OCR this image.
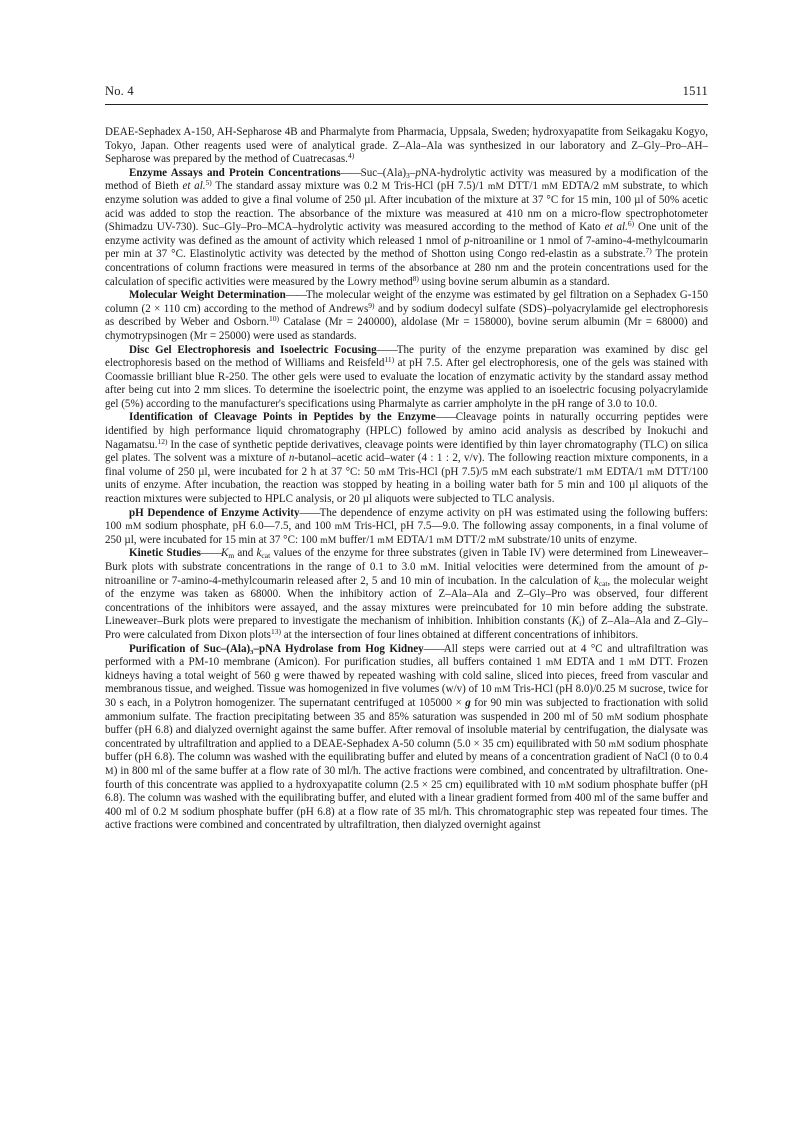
No. 4	1511

DEAE-Sephadex A-150, AH-Sepharose 4B and Pharmalyte from Pharmacia, Uppsala, Sweden; hydroxyapatite from Seikagaku Kogyo, Tokyo, Japan. Other reagents used were of analytical grade. Z–Ala–Ala was synthesized in our laboratory and Z–Gly–Pro–AH–Sepharose was prepared by the method of Cuatrecasas.$^{4)}$

Enzyme Assays and Protein $Concentrations——Suc-(Ala)_3-pNA$-hydrolytic activity was measured by a modification of the method of Bieth et al.$^{5)}$ The standard assay mixture was 0.2 M Tris-HCl (pH 7.5)/1 mM DTT/1 mM EDTA/2 mM substrate, to which enzyme solution was added to give a final volume of 250 µl. After incubation of the mixture at 37 °C for 15 min, 100 µl of 50% acetic acid was added to stop the reaction. The absorbance of the mixture was measured at 410 nm on a micro-flow spectrophotometer (Shimadzu UV-730). Suc–Gly–Pro–MCA–hydrolytic activity was measured according to the method of Kato et al.$^{6)}$ One unit of the enzyme activity was defined as the amount of activity which released 1 nmol of p-nitroaniline or 1 nmol of 7-amino-4-methylcoumarin per min at 37 °C. Elastinolytic activity was detected by the method of Shotton using Congo red-elastin as a substrate.$^{7)}$ The protein concentrations of column fractions were measured in terms of the absorbance at 280 nm and the protein concentrations used for the calculation of specific activities were measured by the Lowry method$^{8)}$ using bovine serum albumin as a standard.

Molecular Weight Determination——The molecular weight of the enzyme was estimated by gel filtration on a Sephadex G-150 column (2 × 110 cm) according to the method of Andrews$^{9)}$ and by sodium dodecyl sulfate (SDS)–polyacrylamide gel electrophoresis as described by Weber and Osborn.$^{10)}$ Catalase (Mr = 240000), aldolase (Mr = 158000), bovine serum albumin (Mr = 68000) and chymotrypsinogen (Mr = 25000) were used as standards.

Disc Gel Electrophoresis and Isoelectric Focusing——The purity of the enzyme preparation was examined by disc gel electrophoresis based on the method of Williams and Reisfeld$^{11)}$ at pH 7.5. After gel electrophoresis, one of the gels was stained with Coomassie brilliant blue R-250. The other gels were used to evaluate the location of enzymatic activity by the standard assay method after being cut into 2 mm slices. To determine the isoelectric point, the enzyme was applied to an isoelectric focusing polyacrylamide gel (5%) according to the manufacturer's specifications using Pharmalyte as carrier ampholyte in the pH range of 3.0 to 10.0.

Identification of Cleavage Points in Peptides by the Enzyme——Cleavage points in naturally occurring peptides were identified by high performance liquid chromatography (HPLC) followed by amino acid analysis as described by Inokuchi and Nagamatsu.$^{12)}$ In the case of synthetic peptide derivatives, cleavage points were identified by thin layer chromatography (TLC) on silica gel plates. The solvent was a mixture of n-butanol–acetic acid–water (4 : 1 : 2, v/v). The following reaction mixture components, in a final volume of 250 µl, were incubated for 2 h at 37 °C: 50 mM Tris-HCl (pH 7.5)/5 mM each substrate/1 mM EDTA/1 mM DTT/100 units of enzyme. After incubation, the reaction was stopped by heating in a boiling water bath for 5 min and 100 µl aliquots of the reaction mixtures were subjected to HPLC analysis, or 20 µl aliquots were subjected to TLC analysis.

pH Dependence of Enzyme Activity——The dependence of enzyme activity on pH was estimated using the following buffers: 100 mM sodium phosphate, pH 6.0—7.5, and 100 mM Tris-HCl, pH 7.5—9.0. The following assay components, in a final volume of 250 µl, were incubated for 15 min at 37 °C: 100 mM buffer/1 mM EDTA/1 mM DTT/2 mM substrate/10 units of enzyme.

Kinetic $Studies——K_m$ and $k_{cat}$ values of the enzyme for three substrates (given in Table IV) were determined from Lineweaver–Burk plots with substrate concentrations in the range of 0.1 to 3.0 mM. Initial velocities were determined from the amount of p-nitroaniline or 7-amino-4-methylcoumarin released after 2, 5 and 10 min of incubation. In the calculation of $k_{cat}$, the molecular weight of the enzyme was taken as 68000. When the inhibitory action of Z–Ala–Ala and Z–Gly–Pro was observed, four different concentrations of the inhibitors were assayed, and the assay mixtures were preincubated for 10 min before adding the substrate. Lineweaver–Burk plots were prepared to investigate the mechanism of inhibition. Inhibition constants $(K_i)$ of Z–Ala–Ala and Z–Gly–Pro were calculated from Dixon plots$^{13)}$ at the intersection of four lines obtained at different concentrations of inhibitors.

Purification of Suc–(Ala)₃–pNA Hydrolase from Hog Kidney——All steps were carried out at 4 °C and ultrafiltration was performed with a PM-10 membrane (Amicon). For purification studies, all buffers contained 1 mM EDTA and 1 mM DTT. Frozen kidneys having a total weight of 560 g were thawed by repeated washing with cold saline, sliced into pieces, freed from vascular and membranous tissue, and weighed. Tissue was homogenized in five volumes (w/v) of 10 mM Tris-HCl (pH 8.0)/0.25 M sucrose, twice for 30 s each, in a Polytron homogenizer. The supernatant centrifuged at 105000 × g for 90 min was subjected to fractionation with solid ammonium sulfate. The fraction precipitating between 35 and 85% saturation was suspended in 200 ml of 50 mM sodium phosphate buffer (pH 6.8) and dialyzed overnight against the same buffer. After removal of insoluble material by centrifugation, the dialysate was concentrated by ultrafiltration and applied to a DEAE-Sephadex A-50 column (5.0 × 35 cm) equilibrated with 50 mM sodium phosphate buffer (pH 6.8). The column was washed with the equilibrating buffer and eluted by means of a concentration gradient of NaCl (0 to 0.4 M) in 800 ml of the same buffer at a flow rate of 30 ml/h. The active fractions were combined, and concentrated by ultrafiltration. One-fourth of this concentrate was applied to a hydroxyapatite column (2.5 × 25 cm) equilibrated with 10 mM sodium phosphate buffer (pH 6.8). The column was washed with the equilibrating buffer, and eluted with a linear gradient formed from 400 ml of the same buffer and 400 ml of 0.2 M sodium phosphate buffer (pH 6.8) at a flow rate of 35 ml/h. This chromatographic step was repeated four times. The active fractions were combined and concentrated by ultrafiltration, then dialyzed overnight against
